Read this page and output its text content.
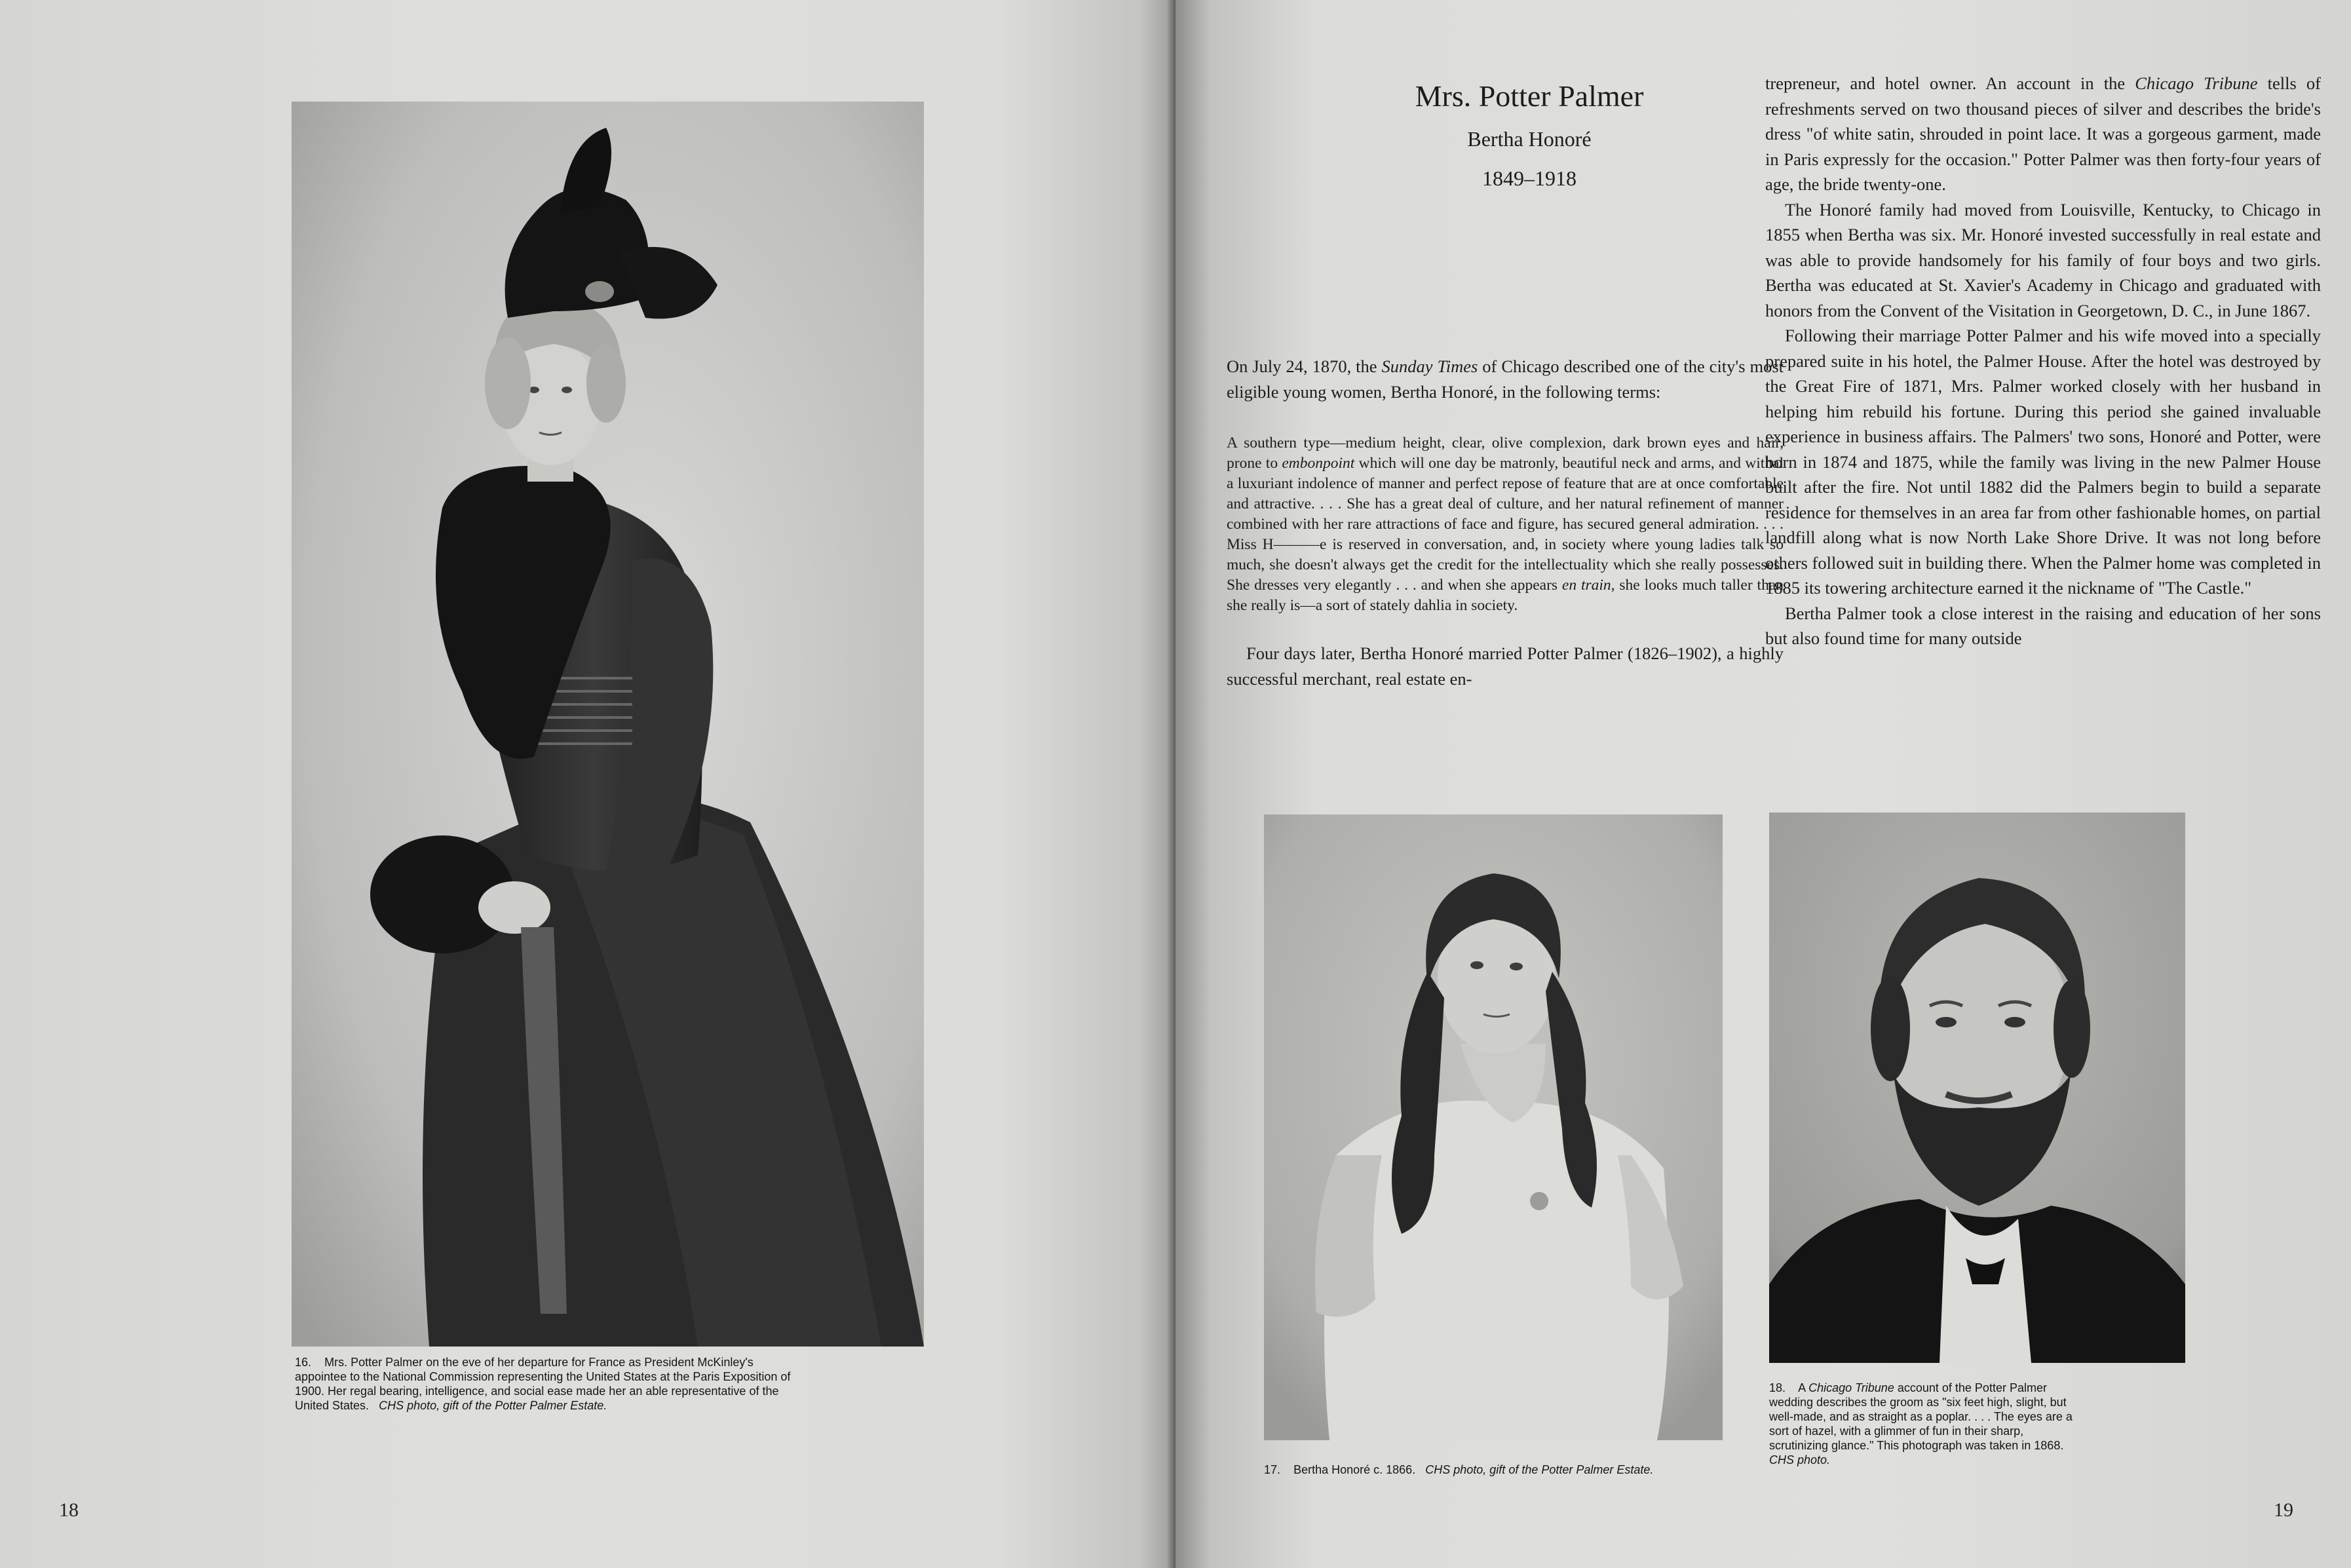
16. Mrs. Potter Palmer on the eve of her departure for France as President McKinley's appointee to the National Commission representing the United States at the Paris Exposition of 1900. Her regal bearing, intelligence, and social ease made her an able representative of the United States. CHS photo, gift of the Potter Palmer Estate.
18
Mrs. Potter Palmer
Bertha Honoré
1849–1918

On July 24, 1870, the Sunday Times of Chicago described one of the city's most eligible young women, Bertha Honoré, in the following terms:

A southern type—medium height, clear, olive complexion, dark brown eyes and hair, prone to embonpoint which will one day be matronly, beautiful neck and arms, and withal a luxuriant indolence of manner and perfect repose of feature that are at once comfortable and attractive. . . . She has a great deal of culture, and her natural refinement of manner combined with her rare attractions of face and figure, has secured general admiration. . . . Miss H———e is reserved in conversation, and, in society where young ladies talk so much, she doesn't always get the credit for the intellectuality which she really possesses. She dresses very elegantly . . . and when she appears en train, she looks much taller than she really is—a sort of stately dahlia in society.

Four days later, Bertha Honoré married Potter Palmer (1826–1902), a highly successful merchant, real estate en-

trepreneur, and hotel owner. An account in the Chicago Tribune tells of refreshments served on two thousand pieces of silver and describes the bride's dress "of white satin, shrouded in point lace. It was a gorgeous garment, made in Paris expressly for the occasion." Potter Palmer was then forty-four years of age, the bride twenty-one.

The Honoré family had moved from Louisville, Kentucky, to Chicago in 1855 when Bertha was six. Mr. Honoré invested successfully in real estate and was able to provide handsomely for his family of four boys and two girls. Bertha was educated at St. Xavier's Academy in Chicago and graduated with honors from the Convent of the Visitation in Georgetown, D. C., in June 1867.

Following their marriage Potter Palmer and his wife moved into a specially prepared suite in his hotel, the Palmer House. After the hotel was destroyed by the Great Fire of 1871, Mrs. Palmer worked closely with her husband in helping him rebuild his fortune. During this period she gained invaluable experience in business affairs. The Palmers' two sons, Honoré and Potter, were born in 1874 and 1875, while the family was living in the new Palmer House built after the fire. Not until 1882 did the Palmers begin to build a separate residence for themselves in an area far from other fashionable homes, on partial landfill along what is now North Lake Shore Drive. It was not long before others followed suit in building there. When the Palmer home was completed in 1885 its towering architecture earned it the nickname of "The Castle."

Bertha Palmer took a close interest in the raising and education of her sons but also found time for many outside

17. Bertha Honoré c. 1866. CHS photo, gift of the Potter Palmer Estate.
18. A Chicago Tribune account of the Potter Palmer wedding describes the groom as "six feet high, slight, but well-made, and as straight as a poplar. . . . The eyes are a sort of hazel, with a glimmer of fun in their sharp, scrutinizing glance." This photograph was taken in 1868.   CHS photo.
19
